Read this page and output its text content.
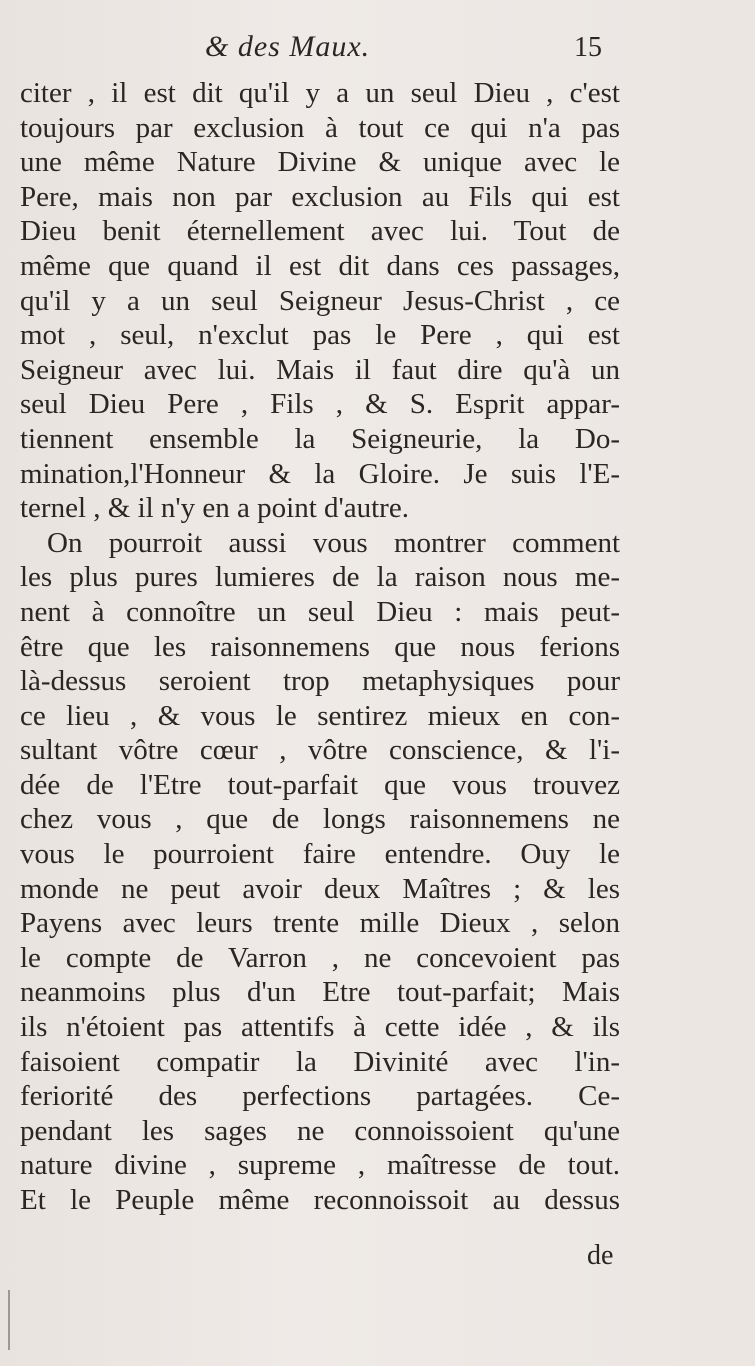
& des Maux.	15
citer , il est dit qu'il y a un seul Dieu , c'est
toujours par exclusion à tout ce qui n'a pas
une même Nature Divine & unique avec le
Pere, mais non par exclusion au Fils qui est
Dieu benit éternellement avec lui. Tout de
même que quand il est dit dans ces passages,
qu'il y a un seul Seigneur Jesus-Christ , ce
mot , seul, n'exclut pas le Pere , qui est
Seigneur avec lui. Mais il faut dire qu'à un
seul Dieu Pere , Fils , & S. Esprit appar-
tiennent ensemble la Seigneurie, la Do-
mination,l'Honneur & la Gloire. Je suis l'E-
ternel , & il n'y en a point d'autre.
On pourroit aussi vous montrer comment
les plus pures lumieres de la raison nous me-
nent à connoître un seul Dieu : mais peut-
être que les raisonnemens que nous ferions
là-dessus seroient trop metaphysiques pour
ce lieu , & vous le sentirez mieux en con-
sultant vôtre cœur , vôtre conscience, & l'i-
dée de l'Etre tout-parfait que vous trouvez
chez vous , que de longs raisonnemens ne
vous le pourroient faire entendre. Ouy le
monde ne peut avoir deux Maîtres ; & les
Payens avec leurs trente mille Dieux , selon
le compte de Varron , ne concevoient pas
neanmoins plus d'un Etre tout-parfait; Mais
ils n'étoient pas attentifs à cette idée , & ils
faisoient compatir la Divinité avec l'in-
feriorité des perfections partagées. Ce-
pendant les sages ne connoissoient qu'une
nature divine , supreme , maîtresse de tout.
Et le Peuple même reconnoissoit au dessus
de
